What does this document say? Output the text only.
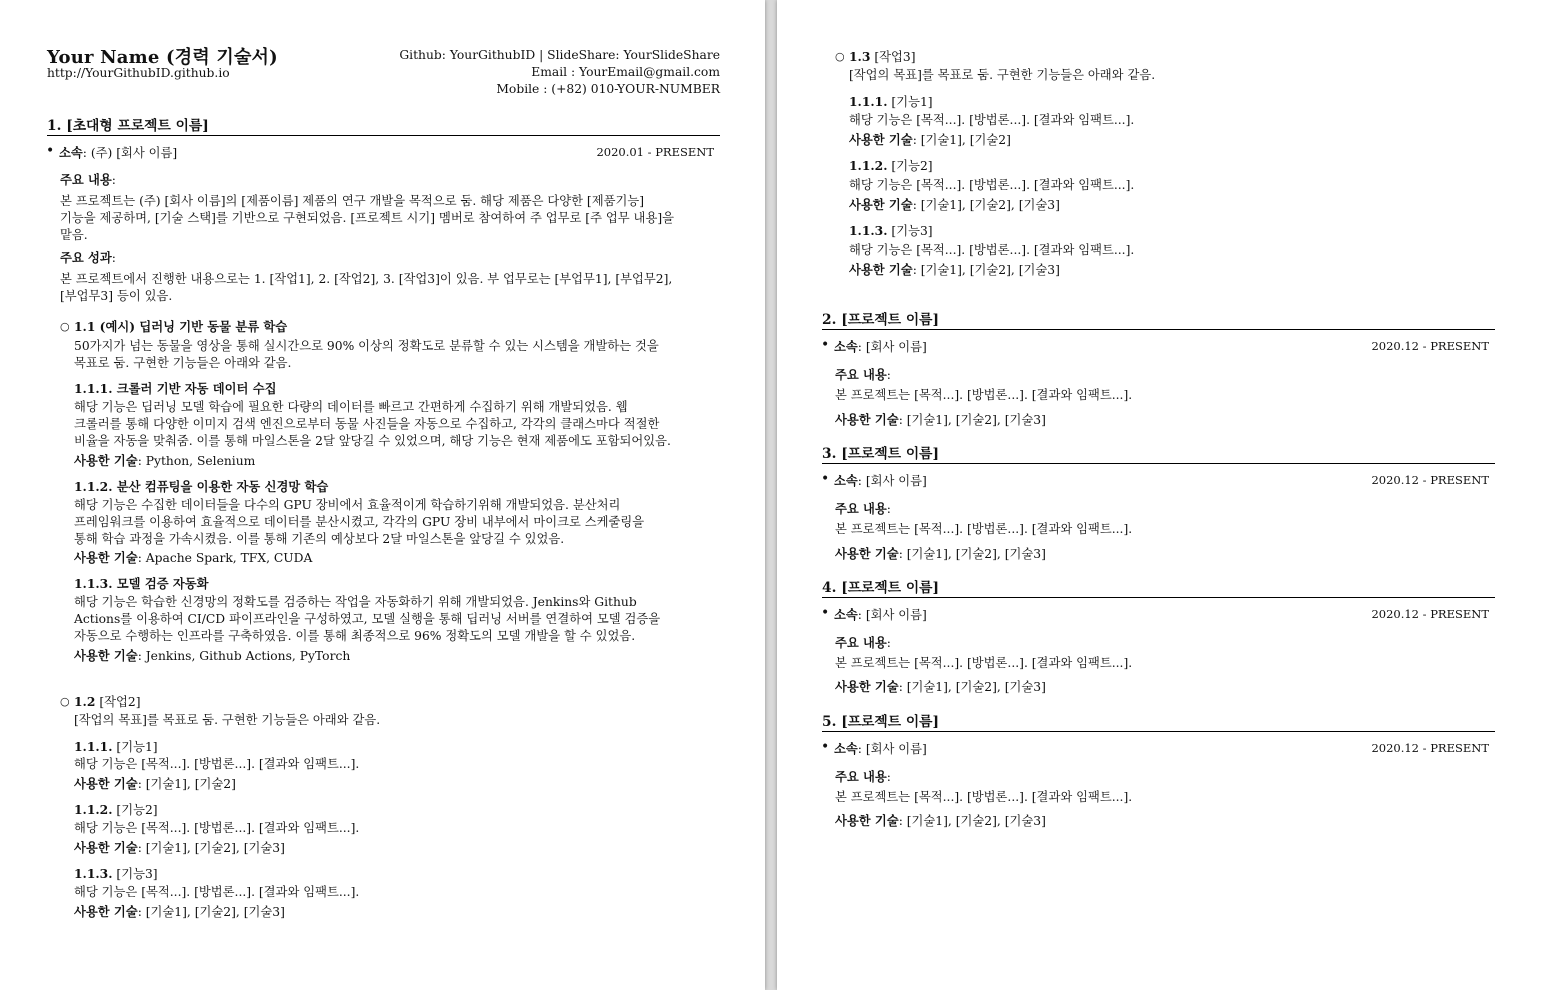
Your Name (경력 기술서)
http://YourGithubID.github.io
Github: YourGithubID | SlideShare: YourSlideShare
Email : YourEmail@gmail.com
Mobile : (+82) 010-YOUR-NUMBER
1. [초대형 프로젝트 이름]
• 소속: (주) [회사 이름]	2020.01 - PRESENT
주요 내용:
본 프로젝트는 (주) [회사 이름]의 [제품이름] 제품의 연구 개발을 목적으로 둠. 해당 제품은 다양한 [제품기능]
기능을 제공하며, [기술 스택]를 기반으로 구현되었음. [프로젝트 시기] 멤버로 참여하여 주 업무로 [주 업무 내용]을
맡음.
주요 성과:
본 프로젝트에서 진행한 내용으로는 1. [작업1], 2. [작업2], 3. [작업3]이 있음. 부 업무로는 [부업무1], [부업무2],
[부업무3] 등이 있음.
○ 1.1 (예시) 딥러닝 기반 동물 분류 학습
50가지가 넘는 동물을 영상을 통해 실시간으로 90% 이상의 정확도로 분류할 수 있는 시스템을 개발하는 것을
목표로 둠. 구현한 기능들은 아래와 같음.
1.1.1. 크롤러 기반 자동 데이터 수집
해당 기능은 딥러닝 모델 학습에 필요한 다량의 데이터를 빠르고 간편하게 수집하기 위해 개발되었음. 웹
크롤러를 통해 다양한 이미지 검색 엔진으로부터 동물 사진들을 자동으로 수집하고, 각각의 클래스마다 적절한
비율을 자동을 맞춰줌. 이를 통해 마일스톤을 2달 앞당길 수 있었으며, 해당 기능은 현재 제품에도 포함되어있음.
사용한 기술: Python, Selenium
1.1.2. 분산 컴퓨팅을 이용한 자동 신경망 학습
해당 기능은 수집한 데이터들을 다수의 GPU 장비에서 효율적이게 학습하기위해 개발되었음. 분산처리
프레임워크를 이용하여 효율적으로 데이터를 분산시켰고, 각각의 GPU 장비 내부에서 마이크로 스케줄링을
통해 학습 과정을 가속시켰음. 이를 통해 기존의 예상보다 2달 마일스톤을 앞당길 수 있었음.
사용한 기술: Apache Spark, TFX, CUDA
1.1.3. 모델 검증 자동화
해당 기능은 학습한 신경망의 정확도를 검증하는 작업을 자동화하기 위해 개발되었음. Jenkins와 Github
Actions를 이용하여 CI/CD 파이프라인을 구성하였고, 모델 실행을 통해 딥러닝 서버를 연결하여 모델 검증을
자동으로 수행하는 인프라를 구축하였음. 이를 통해 최종적으로 96% 정확도의 모델 개발을 할 수 있었음.
사용한 기술: Jenkins, Github Actions, PyTorch
○ 1.2 [작업2]
[작업의 목표]를 목표로 둠. 구현한 기능들은 아래와 같음.
1.1.1. [기능1]
해당 기능은 [목적...]. [방법론...]. [결과와 임팩트...].
사용한 기술: [기술1], [기술2]
1.1.2. [기능2]
해당 기능은 [목적...]. [방법론...]. [결과와 임팩트...].
사용한 기술: [기술1], [기술2], [기술3]
1.1.3. [기능3]
해당 기능은 [목적...]. [방법론...]. [결과와 임팩트...].
사용한 기술: [기술1], [기술2], [기술3]
○ 1.3 [작업3]
[작업의 목표]를 목표로 둠. 구현한 기능들은 아래와 같음.
1.1.1. [기능1]
해당 기능은 [목적...]. [방법론...]. [결과와 임팩트...].
사용한 기술: [기술1], [기술2]
1.1.2. [기능2]
해당 기능은 [목적...]. [방법론...]. [결과와 임팩트...].
사용한 기술: [기술1], [기술2], [기술3]
1.1.3. [기능3]
해당 기능은 [목적...]. [방법론...]. [결과와 임팩트...].
사용한 기술: [기술1], [기술2], [기술3]
2. [프로젝트 이름]
• 소속: [회사 이름]	2020.12 - PRESENT
주요 내용:
본 프로젝트는 [목적...]. [방법론...]. [결과와 임팩트...].
사용한 기술: [기술1], [기술2], [기술3]
3. [프로젝트 이름]
• 소속: [회사 이름]	2020.12 - PRESENT
주요 내용:
본 프로젝트는 [목적...]. [방법론...]. [결과와 임팩트...].
사용한 기술: [기술1], [기술2], [기술3]
4. [프로젝트 이름]
• 소속: [회사 이름]	2020.12 - PRESENT
주요 내용:
본 프로젝트는 [목적...]. [방법론...]. [결과와 임팩트...].
사용한 기술: [기술1], [기술2], [기술3]
5. [프로젝트 이름]
• 소속: [회사 이름]	2020.12 - PRESENT
주요 내용:
본 프로젝트는 [목적...]. [방법론...]. [결과와 임팩트...].
사용한 기술: [기술1], [기술2], [기술3]
